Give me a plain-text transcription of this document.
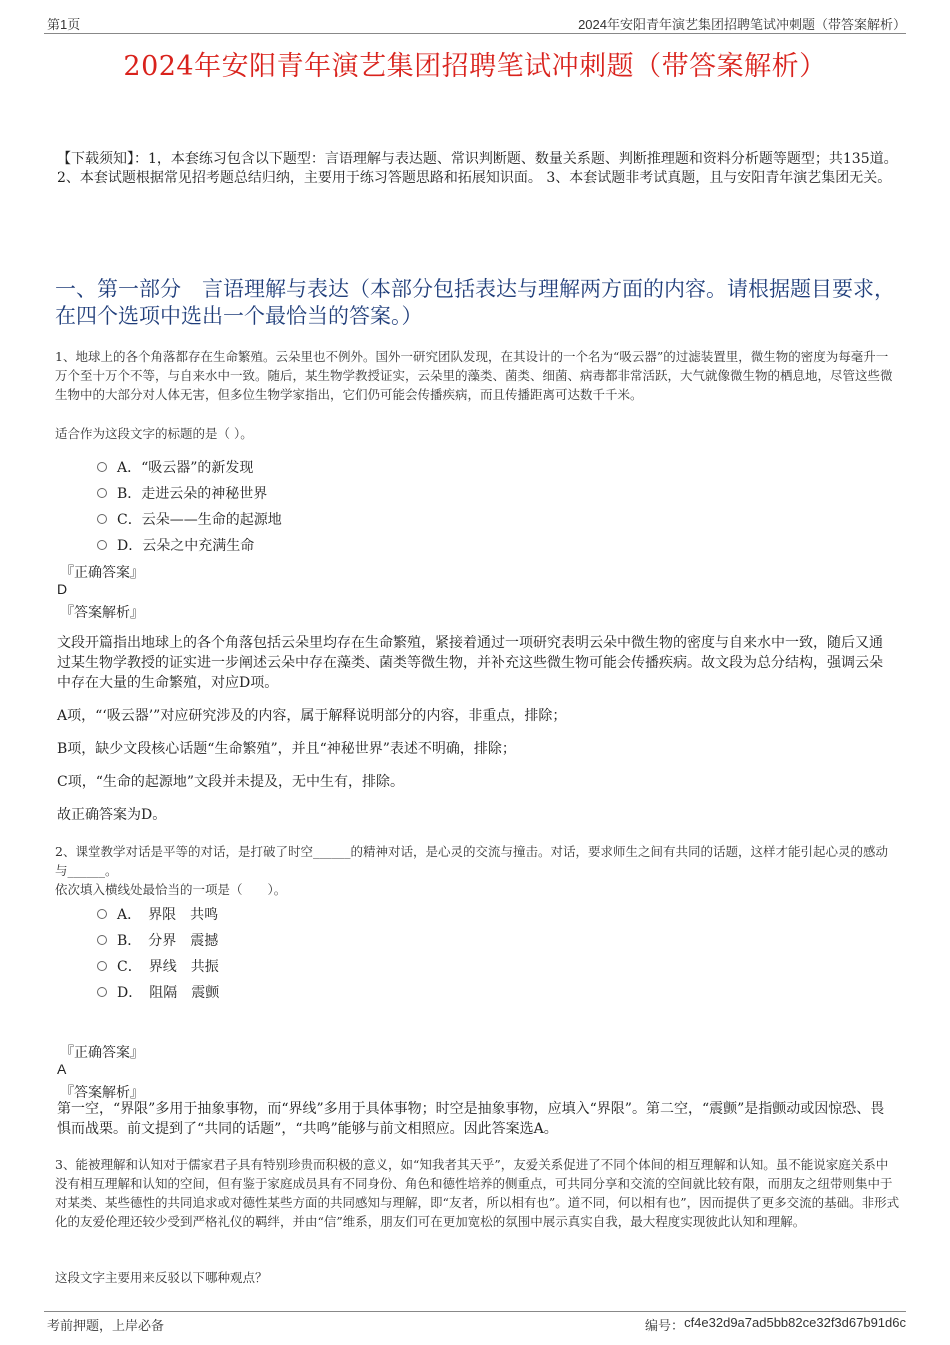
第1页	2024年安阳青年演艺集团招聘笔试冲刺题（带答案解析）
2024年安阳青年演艺集团招聘笔试冲刺题（带答案解析）
【下载须知】：1，本套练习包含以下题型：言语理解与表达题、常识判断题、数量关系题、判断推理题和资料分析题等题型；共135道。 2、本套试题根据常见招考题总结归纳，主要用于练习答题思路和拓展知识面。 3、本套试题非考试真题，且与安阳青年演艺集团无关。
一、第一部分　言语理解与表达（本部分包括表达与理解两方面的内容。请根据题目要求，在四个选项中选出一个最恰当的答案。）
1、地球上的各个角落都存在生命繁殖。云朵里也不例外。国外一研究团队发现，在其设计的一个名为“吸云器”的过滤装置里，微生物的密度为每毫升一万个至十万个不等，与自来水中一致。随后，某生物学教授证实，云朵里的藻类、菌类、细菌、病毒都非常活跃，大气就像微生物的栖息地，尽管这些微生物中的大部分对人体无害，但多位生物学家指出，它们仍可能会传播疾病，而且传播距离可达数千千米。
适合作为这段文字的标题的是（ ）。
A．“吸云器”的新发现
B．走进云朵的神秘世界
C．云朵——生命的起源地
D．云朵之中充满生命
『正确答案』
D
『答案解析』
文段开篇指出地球上的各个角落包括云朵里均存在生命繁殖，紧接着通过一项研究表明云朵中微生物的密度与自来水中一致，随后又通过某生物学教授的证实进一步阐述云朵中存在藻类、菌类等微生物，并补充这些微生物可能会传播疾病。故文段为总分结构，强调云朵中存在大量的生命繁殖，对应D项。
A项，“‘吸云器’”对应研究涉及的内容，属于解释说明部分的内容，非重点，排除；
B项，缺少文段核心话题“生命繁殖”，并且“神秘世界”表述不明确，排除；
C项，“生命的起源地”文段并未提及，无中生有，排除。
故正确答案为D。
2、课堂教学对话是平等的对话，是打破了时空______的精神对话，是心灵的交流与撞击。对话，要求师生之间有共同的话题，这样才能引起心灵的感动与______。
依次填入横线处最恰当的一项是（　　）。
A． 界限　共鸣
B． 分界　震撼
C． 界线　共振
D． 阻隔　震颤
『正确答案』
A
『答案解析』
第一空，“界限”多用于抽象事物，而“界线”多用于具体事物；时空是抽象事物，应填入“界限”。第二空，“震颤”是指颤动或因惊恐、畏惧而战栗。前文提到了“共同的话题”，“共鸣”能够与前文相照应。因此答案选A。
3、能被理解和认知对于儒家君子具有特别珍贵而积极的意义，如“知我者其天乎”，友爱关系促进了不同个体间的相互理解和认知。虽不能说家庭关系中没有相互理解和认知的空间，但有鉴于家庭成员具有不同身份、角色和德性培养的侧重点，可共同分享和交流的空间就比较有限，而朋友之纽带则集中于对某类、某些德性的共同追求或对德性某些方面的共同感知与理解，即“友者，所以相有也”。道不同，何以相有也”，因而提供了更多交流的基础。非形式化的友爱伦理还较少受到严格礼仪的羁绊，并由“信”维系，朋友们可在更加宽松的氛围中展示真实自我，最大程度实现彼此认知和理解。
这段文字主要用来反驳以下哪种观点？
考前押题，上岸必备	编号： cf4e32d9a7ad5bb82ce32f3d67b91d6c
